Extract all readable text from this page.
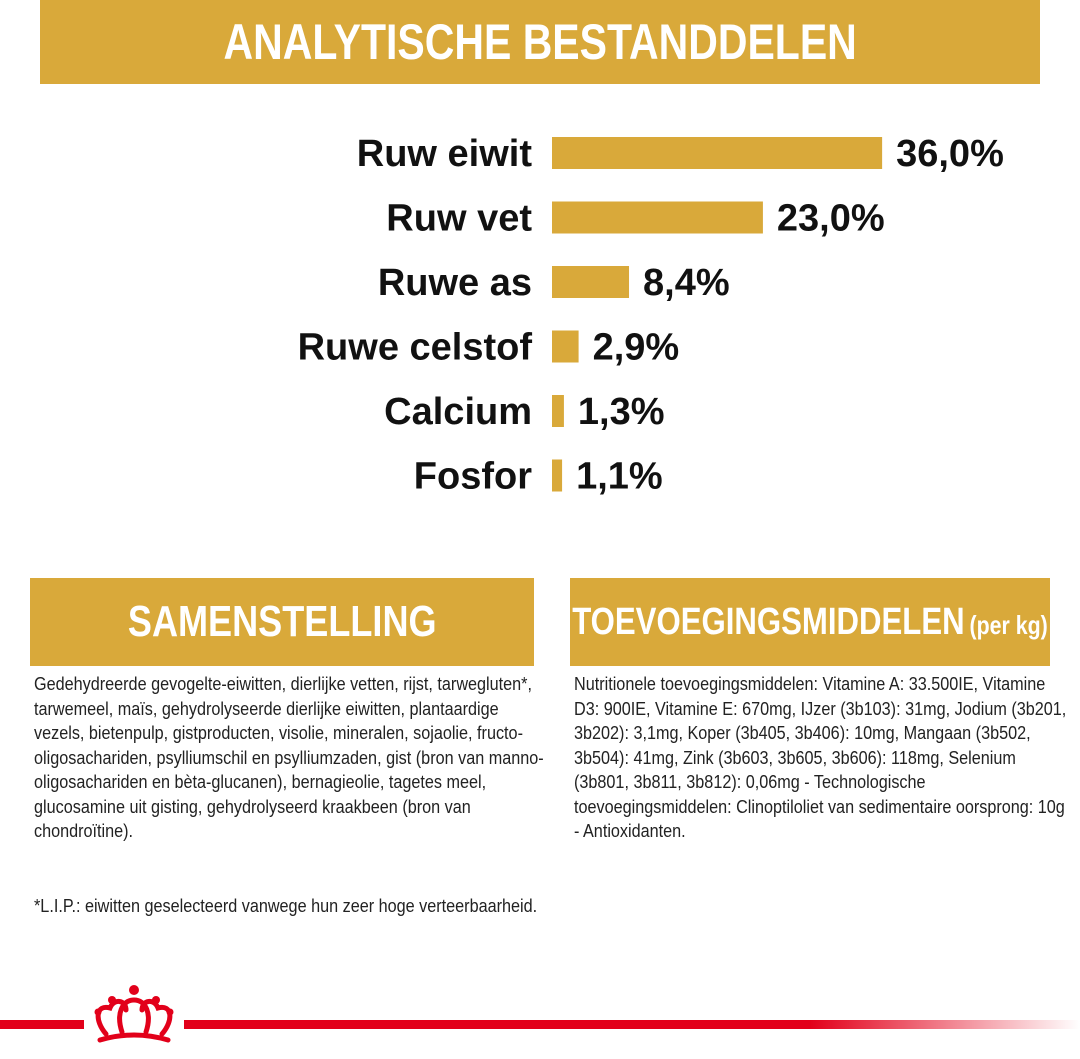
ANALYTISCHE BESTANDDELEN
Ruw eiwit	36,0%
Ruw vet	23,0%
Ruwe as	8,4%
Ruwe celstof 2,9%
Calcium 1,3%
Fosfor 1,1%
SAMENSTELLING	TOEVOEGINGSMIDDELEN (per kg)

Gedehydreerde gevogelte-eiwitten, dierlijke vetten, rijst, tarwegluten*, tarwemeel, maïs, gehydrolyseerde dierlijke eiwitten, plantaardige vezels, bietenpulp, gistproducten, visolie, mineralen, sojaolie, fructo-oligosachariden, psylliumschil en psylliumzaden, gist (bron van manno-oligosachariden en bèta-glucanen), bernagieolie, tagetes meel, glucosamine uit gisting, gehydrolyseerd kraakbeen (bron van chondroïtine).

*L.I.P.: eiwitten geselecteerd vanwege hun zeer hoge verteerbaarheid.

Nutritionele toevoegingsmiddelen: Vitamine A: 33.500IE, Vitamine D3: 900IE, Vitamine E: 670mg, IJzer (3b103): 31mg, Jodium (3b201, 3b202): 3,1mg, Koper (3b405, 3b406): 10mg, Mangaan (3b502, 3b504): 41mg, Zink (3b603, 3b605, 3b606): 118mg, Selenium (3b801, 3b811, 3b812): 0,06mg - Technologische toevoegingsmiddelen: Clinoptiloliet van sedimentaire oorsprong: 10g - Antioxidanten.
